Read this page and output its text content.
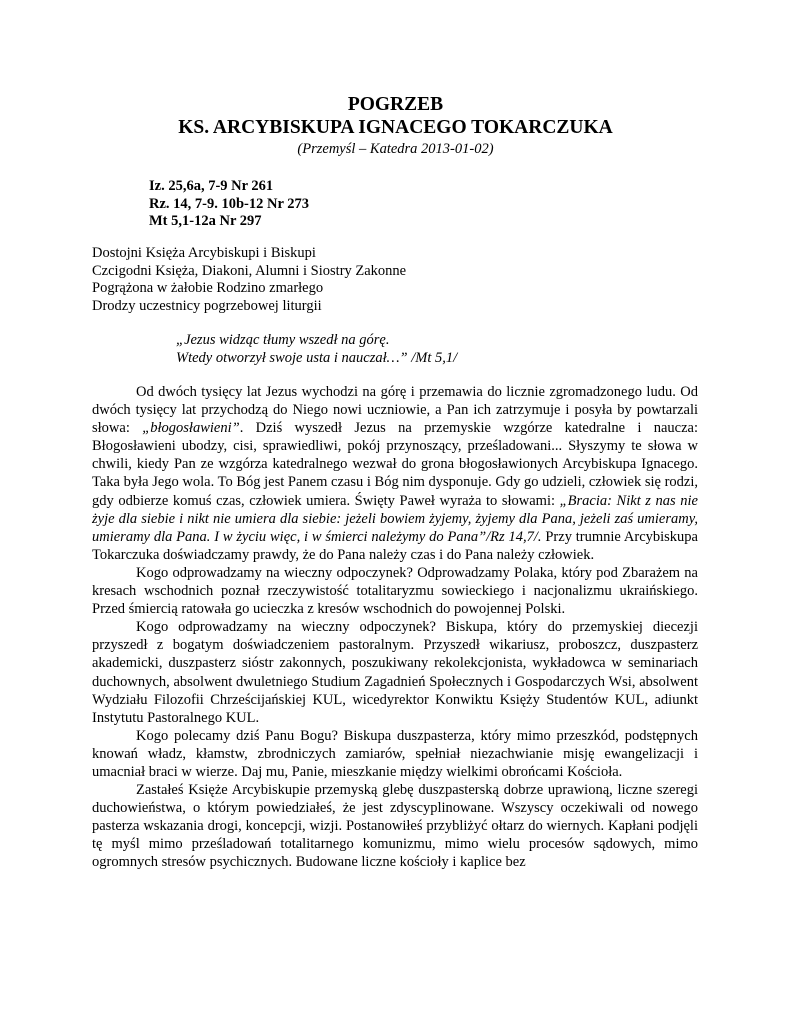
POGRZEB
KS. ARCYBISKUPA IGNACEGO TOKARCZUKA

(Przemyśl – Katedra 2013-01-02)

Iz. 25,6a, 7-9 Nr 261
Rz. 14, 7-9. 10b-12 Nr 273
Mt 5,1-12a Nr 297
Dostojni Księża Arcybiskupi i Biskupi
Czcigodni Księża, Diakoni, Alumni i Siostry Zakonne
Pogrążona w żałobie Rodzino zmarłego
Drodzy uczestnicy pogrzebowej liturgii
„Jezus widząc tłumy wszedł na górę.
Wtedy otworzył swoje usta i nauczał…” /Mt 5,1/

Od dwóch tysięcy lat Jezus wychodzi na górę i przemawia do licznie zgromadzonego ludu. Od dwóch tysięcy lat przychodzą do Niego nowi uczniowie, a Pan ich zatrzymuje i posyła by powtarzali słowa: „błogosławieni”. Dziś wyszedł Jezus na przemyskie wzgórze katedralne i naucza: Błogosławieni ubodzy, cisi, sprawiedliwi, pokój przynoszący, prześladowani... Słyszymy te słowa w chwili, kiedy Pan ze wzgórza katedralnego wezwał do grona błogosławionych Arcybiskupa Ignacego. Taka była Jego wola. To Bóg jest Panem czasu i Bóg nim dysponuje. Gdy go udzieli, człowiek się rodzi, gdy odbierze komuś czas, człowiek umiera. Święty Paweł wyraża to słowami: „Bracia: Nikt z nas nie żyje dla siebie i nikt nie umiera dla siebie: jeżeli bowiem żyjemy, żyjemy dla Pana, jeżeli zaś umieramy, umieramy dla Pana. I w życiu więc, i w śmierci należymy do Pana”/Rz 14,7/. Przy trumnie Arcybiskupa Tokarczuka doświadczamy prawdy, że do Pana należy czas i do Pana należy człowiek.

Kogo odprowadzamy na wieczny odpoczynek? Odprowadzamy Polaka, który pod Zbarażem na kresach wschodnich poznał rzeczywistość totalitaryzmu sowieckiego i nacjonalizmu ukraińskiego. Przed śmiercią ratowała go ucieczka z kresów wschodnich do powojennej Polski.

Kogo odprowadzamy na wieczny odpoczynek? Biskupa, który do przemyskiej diecezji przyszedł z bogatym doświadczeniem pastoralnym. Przyszedł wikariusz, proboszcz, duszpasterz akademicki, duszpasterz sióstr zakonnych, poszukiwany rekolekcjonista, wykładowca w seminariach duchownych, absolwent dwuletniego Studium Zagadnień Społecznych i Gospodarczych Wsi, absolwent Wydziału Filozofii Chrześcijańskiej KUL, wicedyrektor Konwiktu Księży Studentów KUL, adiunkt Instytutu Pastoralnego KUL.

Kogo polecamy dziś Panu Bogu? Biskupa duszpasterza, który mimo przeszkód, podstępnych knowań władz, kłamstw, zbrodniczych zamiarów, spełniał niezachwianie misję ewangelizacji i umacniał braci w wierze. Daj mu, Panie, mieszkanie między wielkimi obrońcami Kościoła.

Zastałeś Księże Arcybiskupie przemyską glebę duszpasterską dobrze uprawioną, liczne szeregi duchowieństwa, o którym powiedziałeś, że jest zdyscyplinowane. Wszyscy oczekiwali od nowego pasterza wskazania drogi, koncepcji, wizji. Postanowiłeś przybliżyć ołtarz do wiernych. Kapłani podjęli tę myśl mimo prześladowań totalitarnego komunizmu, mimo wielu procesów sądowych, mimo ogromnych stresów psychicznych. Budowane liczne kościoły i kaplice bez
